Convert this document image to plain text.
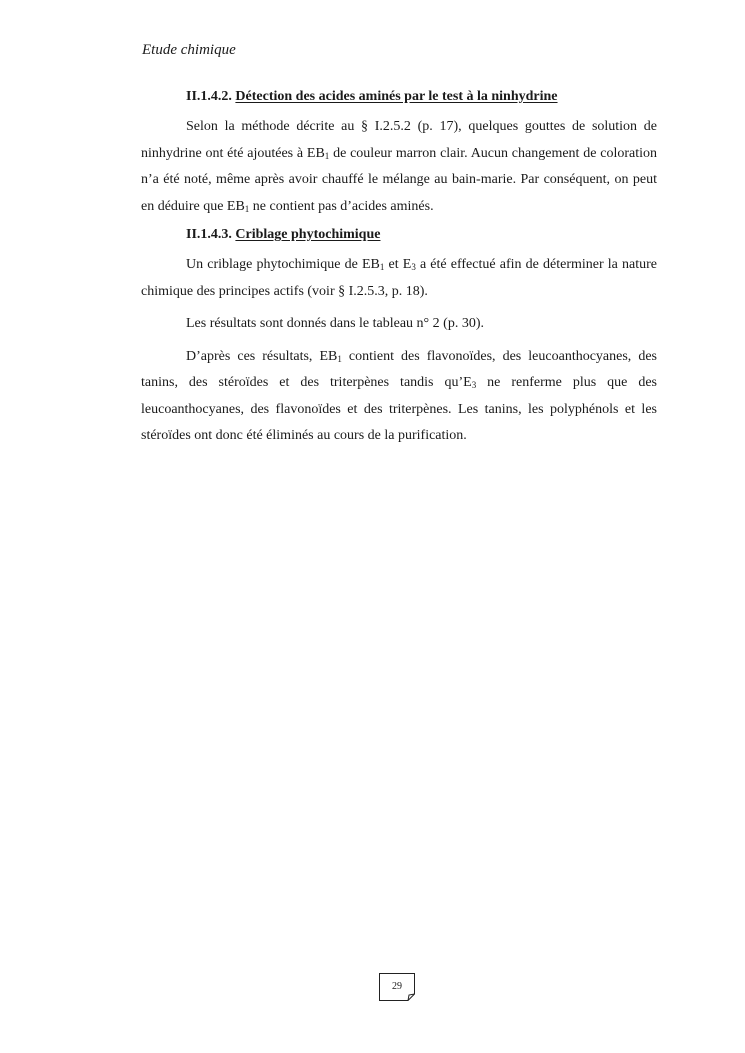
Etude chimique
II.1.4.2. Détection des acides aminés par le test à la ninhydrine

Selon la méthode décrite au § I.2.5.2 (p. 17), quelques gouttes de solution de ninhydrine ont été ajoutées à $EB_1$ de couleur marron clair. Aucun changement de coloration n’a été noté, même après avoir chauffé le mélange au bain-marie. Par conséquent, on peut en déduire que $EB_1$ ne contient pas d’acides aminés.

II.1.4.3. Criblage phytochimique

Un criblage phytochimique de $EB_1$ et $E_3$ a été effectué afin de déterminer la nature chimique des principes actifs (voir § I.2.5.3, p. 18).

Les résultats sont donnés dans le tableau n° 2 (p. 30).

D’après ces résultats, $EB_1$ contient des flavonoïdes, des leucoanthocyanes, des tanins, des stéroïdes et des triterpènes tandis $qu’E_3$ ne renferme plus que des leucoanthocyanes, des flavonoïdes et des triterpènes. Les tanins, les polyphénols et les stéroïdes ont donc été éliminés au cours de la purification.

29
